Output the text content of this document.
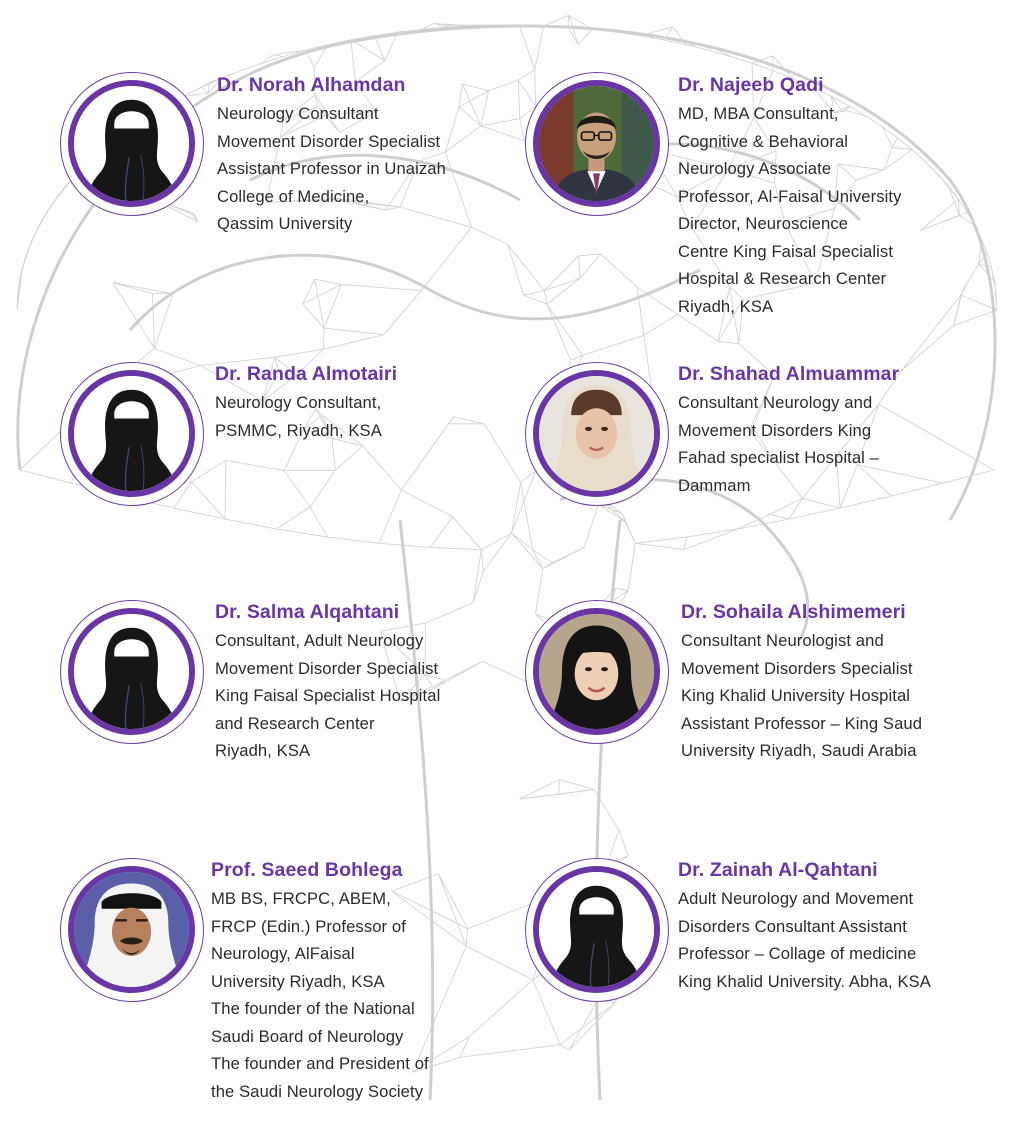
Dr. Norah Alhamdan
Neurology Consultant
Movement Disorder Specialist
Assistant Professor in Unaizah
College of Medicine,
Qassim University
Dr. Najeeb Qadi
MD, MBA Consultant,
Cognitive & Behavioral
Neurology Associate
Professor, Al-Faisal University
Director, Neuroscience
Centre King Faisal Specialist
Hospital & Research Center
Riyadh, KSA
Dr. Randa Almotairi
Neurology Consultant,
PSMMC, Riyadh, KSA
Dr. Shahad Almuammar
Consultant Neurology and
Movement Disorders King
Fahad specialist Hospital –
Dammam
Dr. Salma Alqahtani
Consultant, Adult Neurology
Movement Disorder Specialist
King Faisal Specialist Hospital
and Research Center
Riyadh, KSA
Dr. Sohaila Alshimemeri
Consultant Neurologist and
Movement Disorders Specialist
King Khalid University Hospital
Assistant Professor – King Saud
University Riyadh, Saudi Arabia
Prof. Saeed Bohlega
MB BS, FRCPC, ABEM,
FRCP (Edin.) Professor of
Neurology, AlFaisal
University Riyadh, KSA
The founder of the National
Saudi Board of Neurology
The founder and President of
the Saudi Neurology Society
Dr. Zainah Al-Qahtani
Adult Neurology and Movement
Disorders Consultant Assistant
Professor – Collage of medicine
King Khalid University. Abha, KSA
